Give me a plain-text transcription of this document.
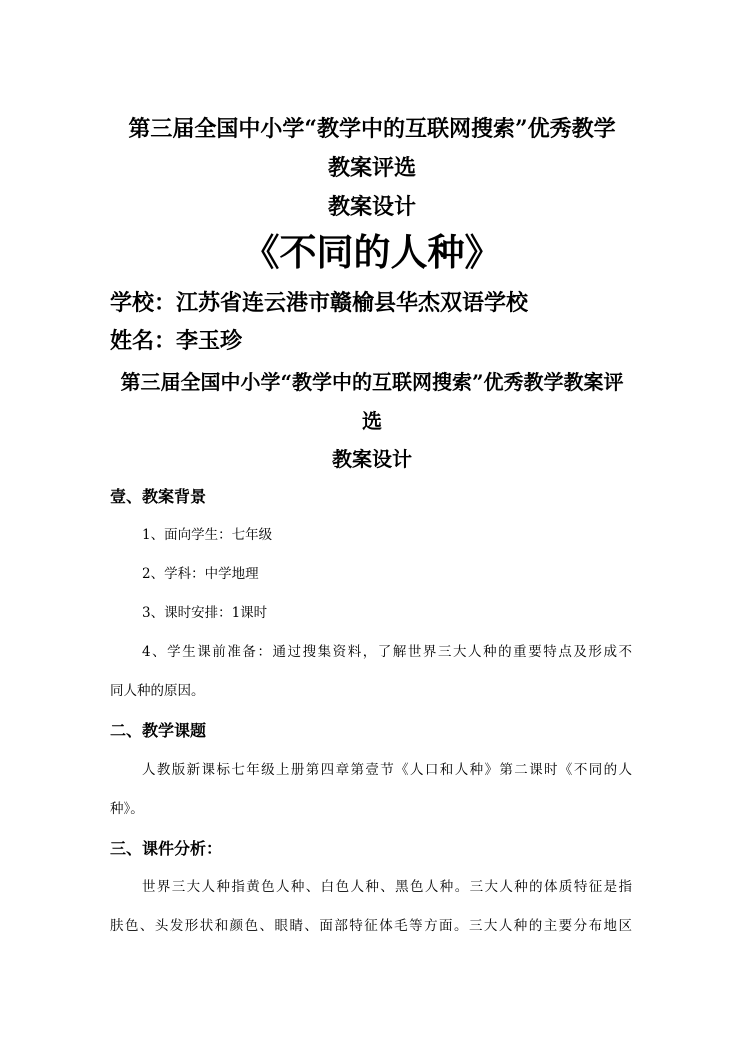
第三届全国中小学“教学中的互联网搜索”优秀教学
教案评选
教案设计
《不同的人种》
学校：江苏省连云港市赣榆县华杰双语学校
姓名：李玉珍
第三届全国中小学“教学中的互联网搜索”优秀教学教案评
选
教案设计
壹、教案背景
1、面向学生：七年级
2、学科：中学地理
3、课时安排：1课时
4、学生课前准备：通过搜集资料，了解世界三大人种的重要特点及形成不
同人种的原因。
二、教学课题
人教版新课标七年级上册第四章第壹节《人口和人种》第二课时《不同的人
种》。
三、课件分析：
世界三大人种指黄色人种、白色人种、黑色人种。三大人种的体质特征是指
肤色、头发形状和颜色、眼睛、面部特征体毛等方面。三大人种的主要分布地区
